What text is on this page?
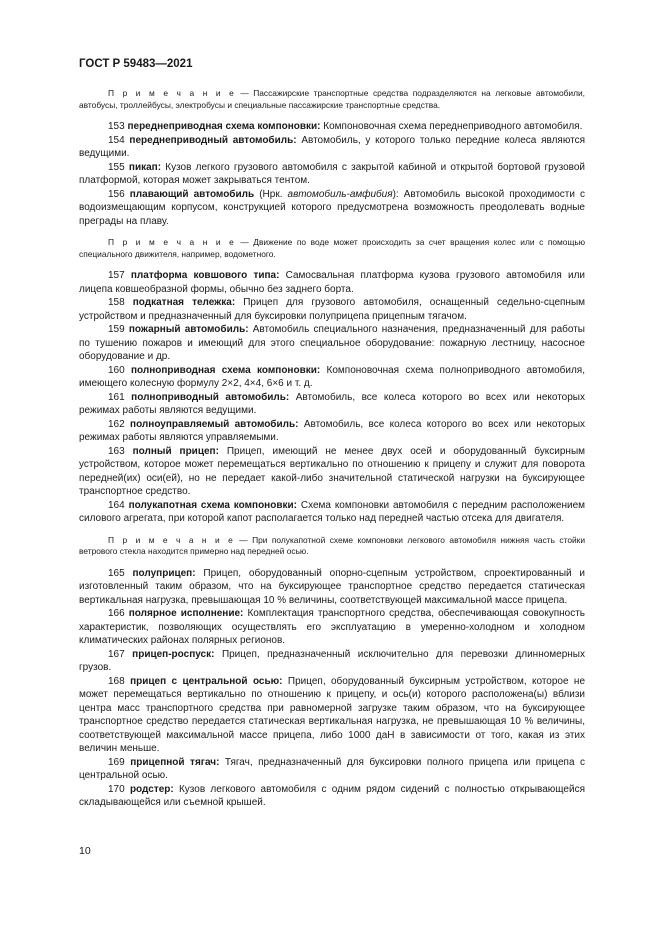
ГОСТ Р 59483—2021

П р и м е ч а н и е — Пассажирские транспортные средства подразделяются на легковые автомобили, автобусы, троллейбусы, электробусы и специальные пассажирские транспортные средства.

153 переднеприводная схема компоновки: Компоновочная схема переднеприводного автомобиля.

154 переднеприводный автомобиль: Автомобиль, у которого только передние колеса являются ведущими.

155 пикап: Кузов легкого грузового автомобиля с закрытой кабиной и открытой бортовой грузовой платформой, которая может закрываться тентом.

156 плавающий автомобиль (Нрк. автомобиль-амфибия): Автомобиль высокой проходимости с водоизмещающим корпусом, конструкцией которого предусмотрена возможность преодолевать водные преграды на плаву.

П р и м е ч а н и е — Движение по воде может происходить за счет вращения колес или с помощью специального движителя, например, водометного.

157 платформа ковшового типа: Самосвальная платформа кузова грузового автомобиля или лицепа ковшеобразной формы, обычно без заднего борта.

158 подкатная тележка: Прицеп для грузового автомобиля, оснащенный седельно-сцепным устройством и предназначенный для буксировки полуприцепа прицепным тягачом.

159 пожарный автомобиль: Автомобиль специального назначения, предназначенный для работы по тушению пожаров и имеющий для этого специальное оборудование: пожарную лестницу, насосное оборудование и др.

160 полноприводная схема компоновки: Компоновочная схема полноприводного автомобиля, имеющего колесную формулу 2×2, 4×4, 6×6 и т. д.

161 полноприводный автомобиль: Автомобиль, все колеса которого во всех или некоторых режимах работы являются ведущими.

162 полноуправляемый автомобиль: Автомобиль, все колеса которого во всех или некоторых режимах работы являются управляемыми.

163 полный прицеп: Прицеп, имеющий не менее двух осей и оборудованный буксирным устройством, которое может перемещаться вертикально по отношению к прицепу и служит для поворота передней(их) оси(ей), но не передает какой-либо значительной статической нагрузки на буксирующее транспортное средство.

164 полукапотная схема компоновки: Схема компоновки автомобиля с передним расположением силового агрегата, при которой капот располагается только над передней частью отсека для двигателя.

П р и м е ч а н и е — При полукапотной схеме компоновки легкового автомобиля нижняя часть стойки ветрового стекла находится примерно над передней осью.

165 полуприцеп: Прицеп, оборудованный опорно-сцепным устройством, спроектированный и изготовленный таким образом, что на буксирующее транспортное средство передается статическая вертикальная нагрузка, превышающая 10 % величины, соответствующей максимальной массе прицепа.

166 полярное исполнение: Комплектация транспортного средства, обеспечивающая совокупность характеристик, позволяющих осуществлять его эксплуатацию в умеренно-холодном и холодном климатических районах полярных регионов.

167 прицеп-роспуск: Прицеп, предназначенный исключительно для перевозки длинномерных грузов.

168 прицеп с центральной осью: Прицеп, оборудованный буксирным устройством, которое не может перемещаться вертикально по отношению к прицепу, и ось(и) которого расположена(ы) вблизи центра масс транспортного средства при равномерной загрузке таким образом, что на буксирующее транспортное средство передается статическая вертикальная нагрузка, не превышающая 10 % величины, соответствующей максимальной массе прицепа, либо 1000 даН в зависимости от того, какая из этих величин меньше.

169 прицепной тягач: Тягач, предназначенный для буксировки полного прицепа или прицепа с центральной осью.

170 родстер: Кузов легкового автомобиля с одним рядом сидений с полностью открывающейся складывающейся или съемной крышей.

10
